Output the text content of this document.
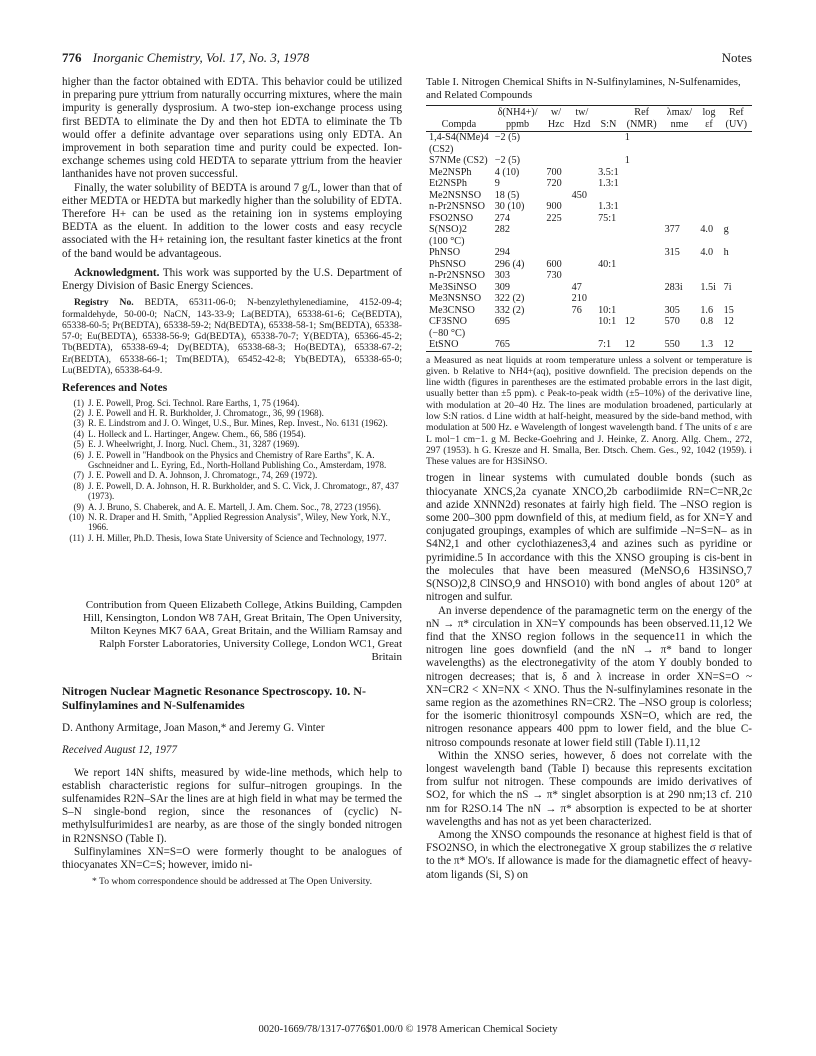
776 Inorganic Chemistry, Vol. 17, No. 3, 1978	Notes

higher than the factor obtained with EDTA. This behavior could be utilized in preparing pure yttrium from naturally occurring mixtures, where the main impurity is generally dysprosium. A two-step ion-exchange process using first BEDTA to eliminate the Dy and then hot EDTA to eliminate the Tb would offer a definite advantage over separations using only EDTA. An improvement in both separation time and purity could be expected. Ion-exchange schemes using cold HEDTA to separate yttrium from the heavier lanthanides have not proven successful.

Finally, the water solubility of BEDTA is around 7 g/L, lower than that of either MEDTA or HEDTA but markedly higher than the solubility of EDTA. Therefore H+ can be used as the retaining ion in systems employing BEDTA as the eluent. In addition to the lower costs and easy recycle associated with the H+ retaining ion, the resultant faster kinetics at the front of the band would be advantageous.

Acknowledgment. This work was supported by the U.S. Department of Energy Division of Basic Energy Sciences.

Registry No. BEDTA, 65311-06-0; N-benzylethylenediamine, 4152-09-4; formaldehyde, 50-00-0; NaCN, 143-33-9; La(BEDTA), 65338-61-6; Ce(BEDTA), 65338-60-5; Pr(BEDTA), 65338-59-2; Nd(BEDTA), 65338-58-1; Sm(BEDTA), 65338-57-0; Eu(BEDTA), 65338-56-9; Gd(BEDTA), 65338-70-7; Y(BEDTA), 65366-45-2; Tb(BEDTA), 65338-69-4; Dy(BEDTA), 65338-68-3; Ho(BEDTA), 65338-67-2; Er(BEDTA), 65338-66-1; Tm(BEDTA), 65452-42-8; Yb(BEDTA), 65338-65-0; Lu(BEDTA), 65338-64-9.

References and Notes
(1) J. E. Powell, Prog. Sci. Technol. Rare Earths, 1, 75 (1964).
(2) J. E. Powell and H. R. Burkholder, J. Chromatogr., 36, 99 (1968).
(3) R. E. Lindstrom and J. O. Winget, U.S., Bur. Mines, Rep. Invest., No. 6131 (1962).
(4) L. Holleck and L. Hartinger, Angew. Chem., 66, 586 (1954).
(5) E. J. Wheelwright, J. Inorg. Nucl. Chem., 31, 3287 (1969).
(6) J. E. Powell in "Handbook on the Physics and Chemistry of Rare Earths", K. A. Gschneidner and L. Eyring, Ed., North-Holland Publishing Co., Amsterdam, 1978.
(7) J. E. Powell and D. A. Johnson, J. Chromatogr., 74, 269 (1972).
(8) J. E. Powell, D. A. Johnson, H. R. Burkholder, and S. C. Vick, J. Chromatogr., 87, 437 (1973).
(9) A. J. Bruno, S. Chaberek, and A. E. Martell, J. Am. Chem. Soc., 78, 2723 (1956).
(10) N. R. Draper and H. Smith, "Applied Regression Analysis", Wiley, New York, N.Y., 1966.
(11) J. H. Miller, Ph.D. Thesis, Iowa State University of Science and Technology, 1977.

Contribution from Queen Elizabeth College, Atkins Building, Campden Hill, Kensington, London W8 7AH, Great Britain, The Open University, Milton Keynes MK7 6AA, Great Britain, and the William Ramsay and Ralph Forster Laboratories, University College, London WC1, Great Britain

Nitrogen Nuclear Magnetic Resonance Spectroscopy. 10. N-Sulfinylamines and N-Sulfenamides

D. Anthony Armitage, Joan Mason,* and Jeremy G. Vinter

Received August 12, 1977

We report 14N shifts, measured by wide-line methods, which help to establish characteristic regions for sulfur–nitrogen groupings. In the sulfenamides R2N–SAr the lines are at high field in what may be termed the S–N single-bond region, since the resonances of (cyclic) N-methylsulfurimides1 are nearby, as are those of the singly bonded nitrogen in R2NSNSO (Table I).

Sulfinylamines XN=S=O were formerly thought to be analogues of thiocyanates XN=C=S; however, imido ni-

* To whom correspondence should be addressed at The Open University.

Table I. Nitrogen Chemical Shifts in N-Sulfinylamines, N-Sulfenamides, and Related Compounds

Compda	δ(NH4+)/ ppmb	w/ Hzc	tw/ Hzd	S:N	Ref (NMR)	λmax/ nme	log εf	Ref (UV)
1,4-S4(NMe)4	−2 (5)				1			
(CS2)								
S7NMe (CS2)	−2 (5)				1			
Me2NSPh	4 (10)	700		3.5:1				
Et2NSPh	9	720		1.3:1				
Me2NSNSO	18 (5)		450					
n-Pr2NSNSO	30 (10)	900		1.3:1				
FSO2NSO	274	225		75:1				
S(NSO)2	282					377	4.0	g
(100 °C)								
PhNSO	294					315	4.0	h
PhSNSO	296 (4)	600		40:1				
n-Pr2NSNSO	303	730						
Me3SiNSO	309		47			283i	1.5i	7i
Me3NSNSO	322 (2)		210					
Me3CNSO	332 (2)		76	10:1		305	1.6	15
CF3SNO	695			10:1	12	570	0.8	12
(−80 °C)								
EtSNO	765			7:1	12	550	1.3	12

a Measured as neat liquids at room temperature unless a solvent or temperature is given. b Relative to NH4+(aq), positive downfield. The precision depends on the line width (figures in parentheses are the estimated probable errors in the last digit, usually better than ±5 ppm). c Peak-to-peak width (±5–10%) of the derivative line, with modulation at 20–40 Hz. The lines are modulation broadened, particularly at low S:N ratios. d Line width at half-height, measured by the side-band method, with modulation at 500 Hz. e Wavelength of longest wavelength band. f The units of ε are L mol−1 cm−1. g M. Becke-Goehring and J. Heinke, Z. Anorg. Allg. Chem., 272, 297 (1953). h G. Kresze and H. Smalla, Ber. Dtsch. Chem. Ges., 92, 1042 (1959). i These values are for H3SiNSO.

trogen in linear systems with cumulated double bonds (such as thiocyanate XNCS,2a cyanate XNCO,2b carbodiimide RN=C=NR,2c and azide XNNN2d) resonates at fairly high field. The –NSO region is some 200–300 ppm downfield of this, at medium field, as for XN=Y and conjugated groupings, examples of which are sulfimide –N=S=N– as in S4N2,1 and other cyclothiazenes3,4 and azines such as pyridine or pyrimidine.5 In accordance with this the XNSO grouping is cis-bent in the molecules that have been measured (MeNSO,6 H3SiNSO,7 S(NSO)2,8 ClNSO,9 and HNSO10) with bond angles of about 120° at nitrogen and sulfur.

An inverse dependence of the paramagnetic term on the energy of the nN → π* circulation in XN=Y compounds has been observed.11,12 We find that the XNSO region follows in the sequence11 in which the nitrogen line goes downfield (and the nN → π* band to longer wavelengths) as the electronegativity of the atom Y doubly bonded to nitrogen decreases; that is, δ and λ increase in order XN=S=O ~ XN=CR2 < XN=NX < XNO. Thus the N-sulfinylamines resonate in the same region as the azomethines RN=CR2. The –NSO group is colorless; for the isomeric thionitrosyl compounds XSN=O, which are red, the nitrogen resonance appears 400 ppm to lower field, and the blue C-nitroso compounds resonate at lower field still (Table I).11,12

Within the XNSO series, however, δ does not correlate with the longest wavelength band (Table I) because this represents excitation from sulfur not nitrogen. These compounds are imido derivatives of SO2, for which the nS → π* singlet absorption is at 290 nm;13 cf. 210 nm for R2SO.14 The nN → π* absorption is expected to be at shorter wavelengths and has not as yet been characterized.

Among the XNSO compounds the resonance at highest field is that of FSO2NSO, in which the electronegative X group stabilizes the σ relative to the π* MO's. If allowance is made for the diamagnetic effect of heavy-atom ligands (Si, S) on

0020-1669/78/1317-0776$01.00/0 © 1978 American Chemical Society
